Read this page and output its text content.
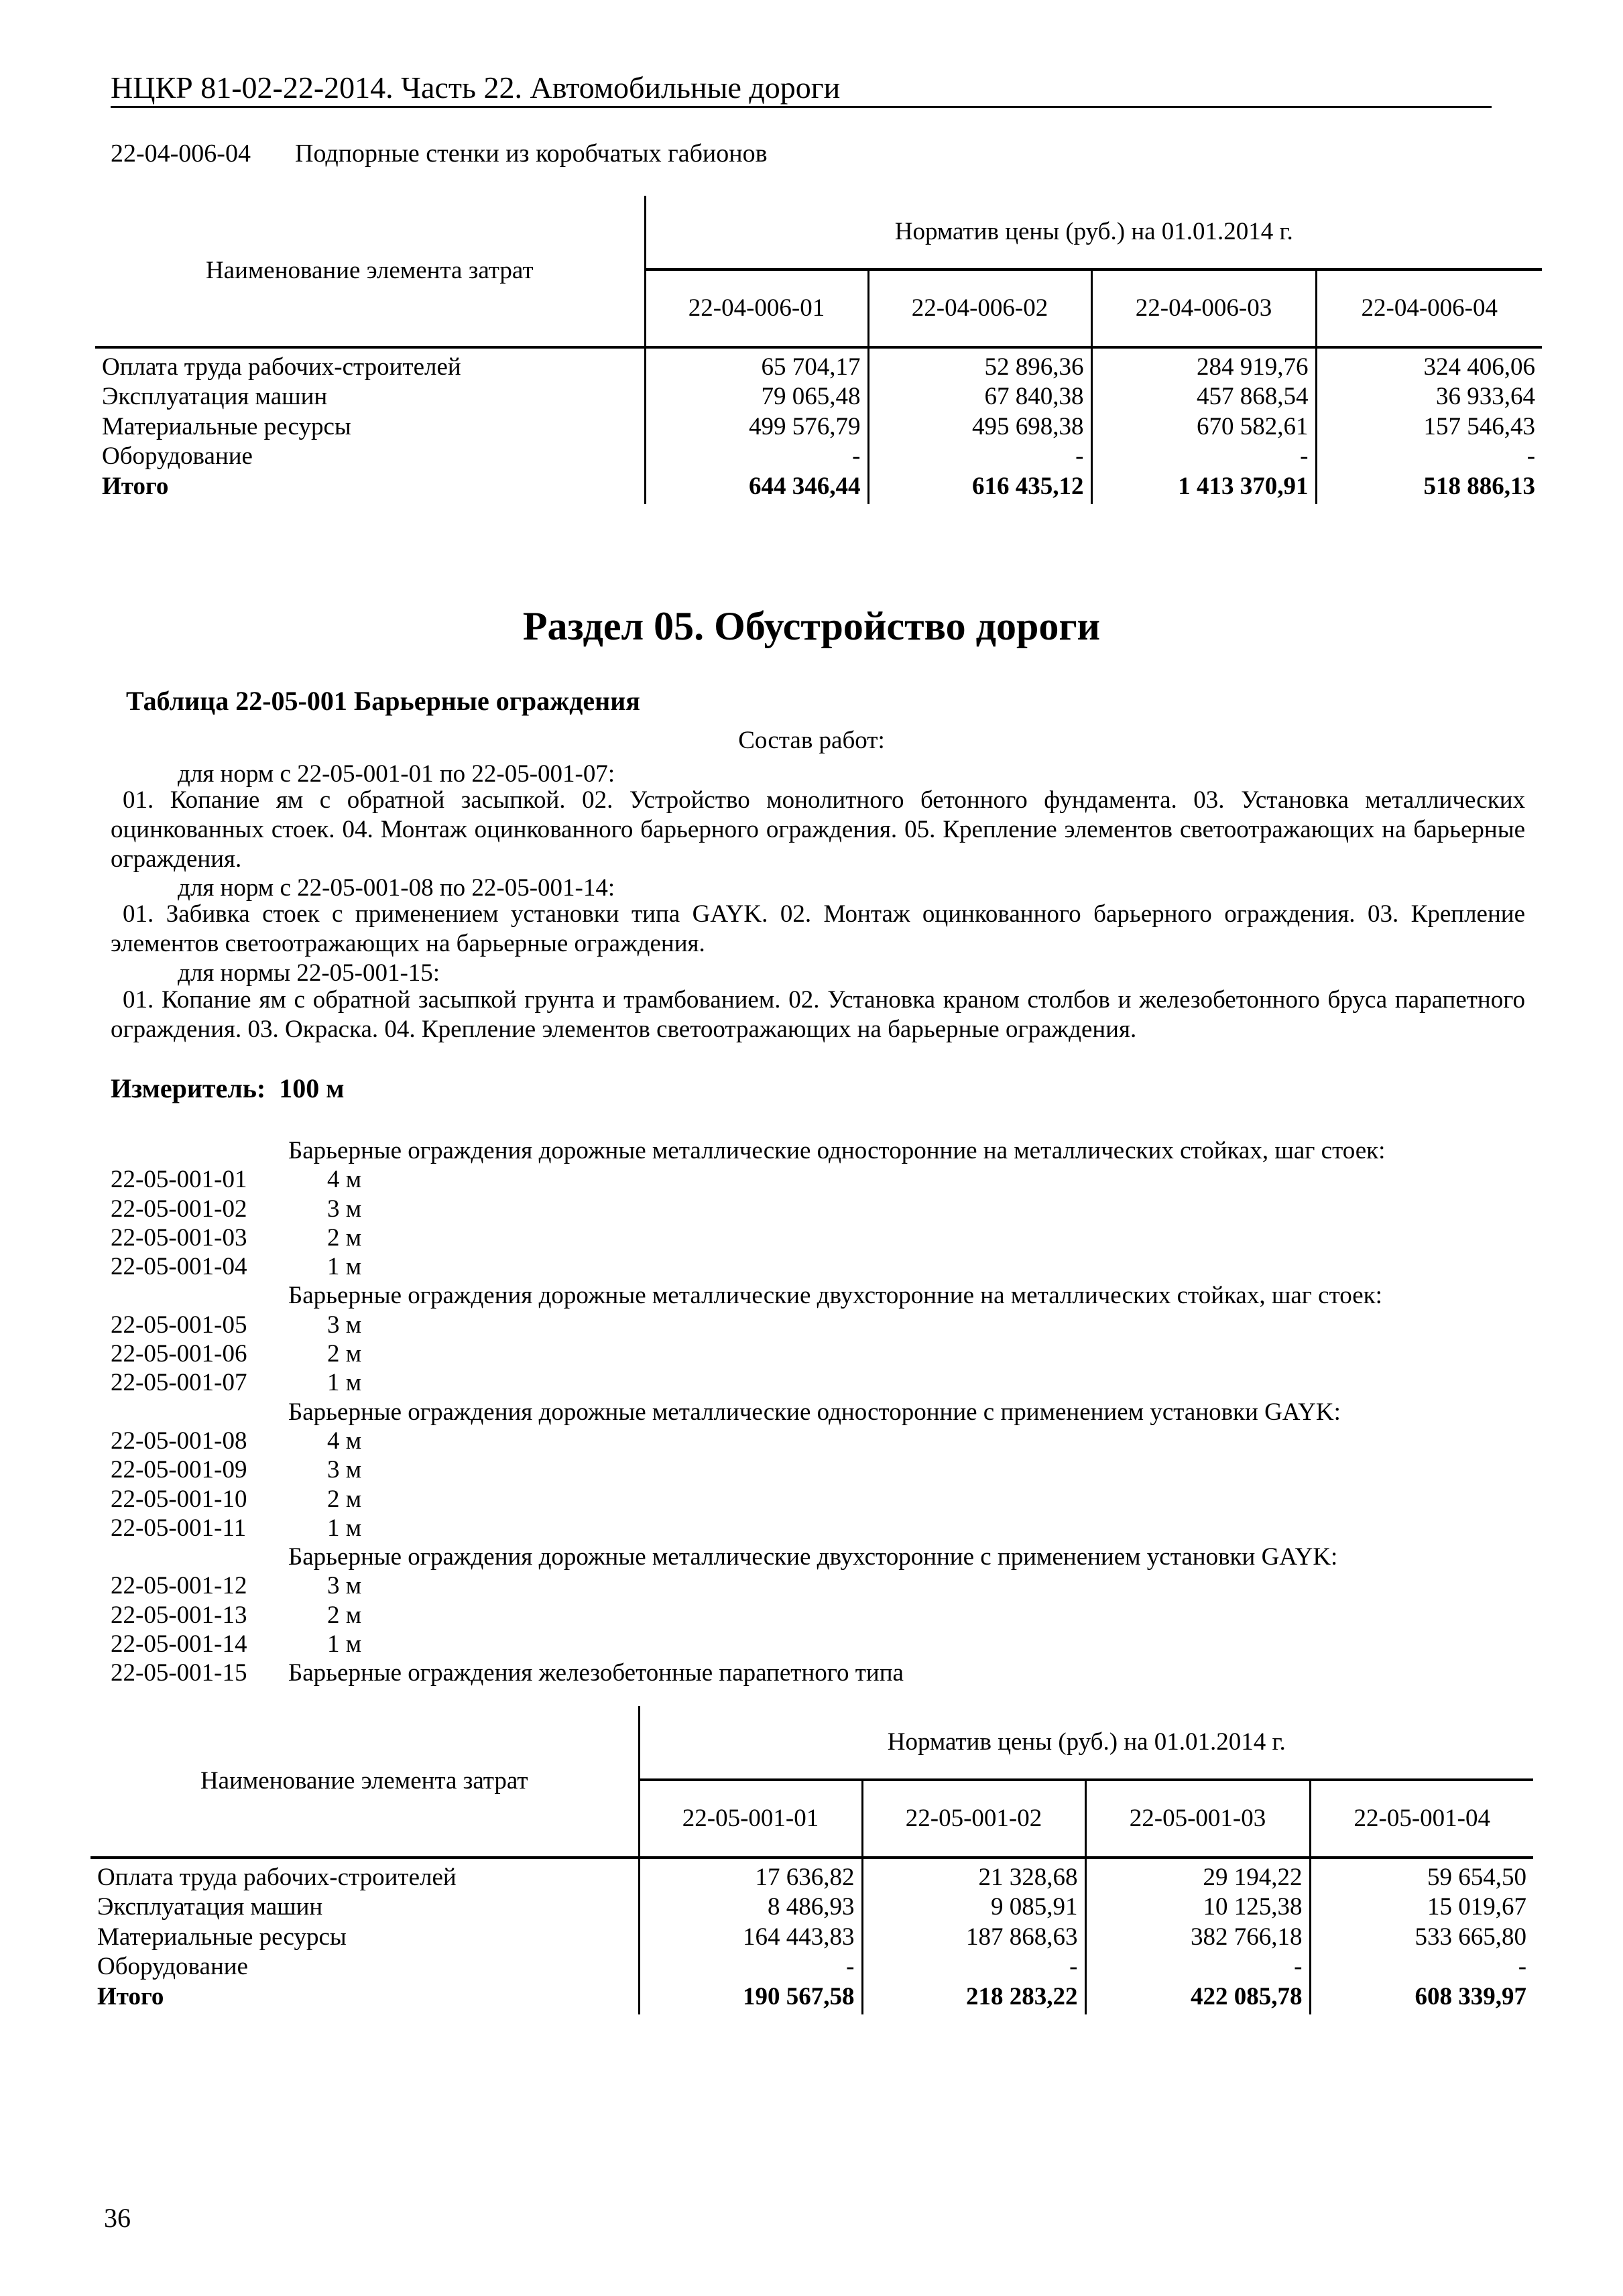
НЦКР 81-02-22-2014. Часть 22. Автомобильные дороги
22-04-006-04 Подпорные стенки из коробчатых габионов
Наименование элемента затрат	Норматив цены (руб.) на 01.01.2014 г.			
	22-04-006-01	22-04-006-02	22-04-006-03	22-04-006-04
Оплата труда рабочих-строителей	65 704,17	52 896,36	284 919,76	324 406,06
Эксплуатация машин	79 065,48	67 840,38	457 868,54	36 933,64
Материальные ресурсы	499 576,79	495 698,38	670 582,61	157 546,43
Оборудование	-	-	-	-
Итого	644 346,44	616 435,12	1 413 370,91	518 886,13
Раздел 05. Обустройство дороги
Таблица 22-05-001 Барьерные ограждения
Состав работ:
для норм с 22-05-001-01 по 22-05-001-07:
01. Копание ям с обратной засыпкой. 02. Устройство монолитного бетонного фундамента. 03. Установка металлических оцинкованных стоек. 04. Монтаж оцинкованного барьерного ограждения. 05. Крепление элементов светоотражающих на барьерные ограждения.
для норм с 22-05-001-08 по 22-05-001-14:
01. Забивка стоек с применением установки типа GAYK. 02. Монтаж оцинкованного барьерного ограждения. 03. Крепление элементов светоотражающих на барьерные ограждения.
для нормы 22-05-001-15:
01. Копание ям с обратной засыпкой грунта и трамбованием. 02. Установка краном столбов и железобетонного бруса парапетного ограждения. 03. Окраска. 04. Крепление элементов светоотражающих на барьерные ограждения.
Измеритель: 100 м
Барьерные ограждения дорожные металлические односторонние на металлических стойках, шаг стоек:
22-05-001-01	4 м
22-05-001-02	3 м
22-05-001-03	2 м
22-05-001-04	1 м
Барьерные ограждения дорожные металлические двухсторонние на металлических стойках, шаг стоек:
22-05-001-05	3 м
22-05-001-06	2 м
22-05-001-07	1 м
Барьерные ограждения дорожные металлические односторонние с применением установки GAYK:
22-05-001-08	4 м
22-05-001-09	3 м
22-05-001-10	2 м
22-05-001-11	1 м
Барьерные ограждения дорожные металлические двухсторонние с применением установки GAYK:
22-05-001-12	3 м
22-05-001-13	2 м
22-05-001-14	1 м
22-05-001-15	Барьерные ограждения железобетонные парапетного типа
Наименование элемента затрат	Норматив цены (руб.) на 01.01.2014 г.			
	22-05-001-01	22-05-001-02	22-05-001-03	22-05-001-04
Оплата труда рабочих-строителей	17 636,82	21 328,68	29 194,22	59 654,50
Эксплуатация машин	8 486,93	9 085,91	10 125,38	15 019,67
Материальные ресурсы	164 443,83	187 868,63	382 766,18	533 665,80
Оборудование	-	-	-	-
Итого	190 567,58	218 283,22	422 085,78	608 339,97
36
